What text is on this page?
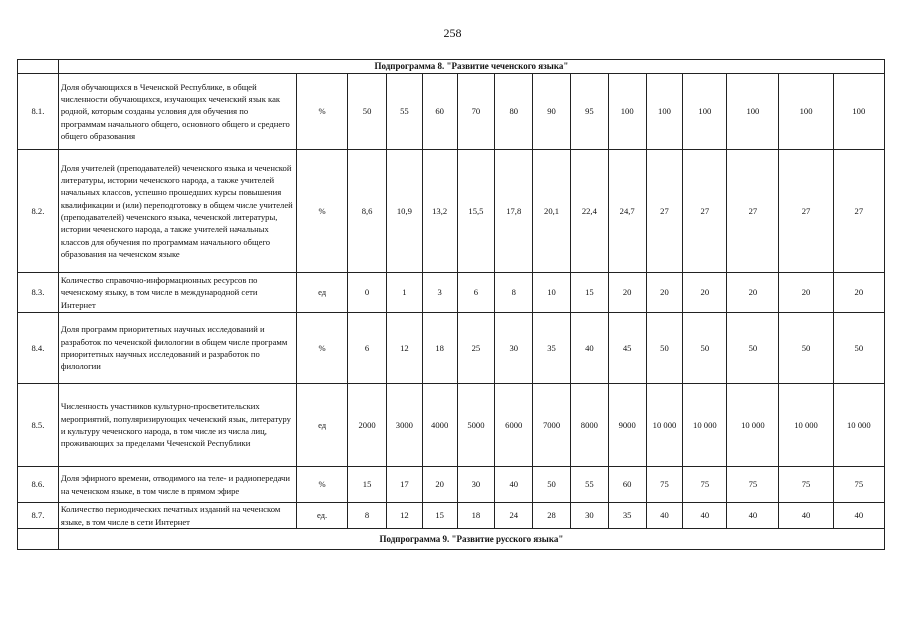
258
	Подпрограмма 8. "Развитие чеченского языка"														
8.1.	Доля обучающихся в Чеченской Республике, в общей численности обучающихся, изучающих чеченский язык как родной, которым созданы условия для обучения по программам начального общего, основного общего и среднего общего образования	%	50	55	60	70	80	90	95	100	100	100	100	100	100
8.2.	Доля учителей (преподавателей) чеченского языка и чеченской литературы, истории чеченского народа, а также учителей начальных классов, успешно прошедших курсы повышения квалификации и (или) переподготовку в общем числе учителей (преподавателей) чеченского языка, чеченской литературы, истории чеченского народа, а также учителей начальных классов для обучения по программам начального общего образования на чеченском языке	%	8,6	10,9	13,2	15,5	17,8	20,1	22,4	24,7	27	27	27	27	27
8.3.	Количество справочно-информационных ресурсов по чеченскому языку, в том числе в международной сети Интернет	ед	0	1	3	6	8	10	15	20	20	20	20	20	20
8.4.	Доля программ приоритетных научных исследований и разработок по чеченской филологии в общем числе программ приоритетных научных исследований и разработок по филологии	%	6	12	18	25	30	35	40	45	50	50	50	50	50
8.5.	Численность участников культурно-просветительских мероприятий, популяризирующих чеченский язык, литературу и культуру чеченского народа, в том числе из числа лиц, проживающих за пределами Чеченской Республики	ед	2000	3000	4000	5000	6000	7000	8000	9000	10 000	10 000	10 000	10 000	10 000
8.6.	Доля эфирного времени, отводимого на теле- и радиопередачи на чеченском языке, в том числе в прямом эфире	%	15	17	20	30	40	50	55	60	75	75	75	75	75
8.7.	Количество периодических печатных изданий на чеченском языке, в том числе в сети Интернет	ед.	8	12	15	18	24	28	30	35	40	40	40	40	40
	Подпрограмма 9. "Развитие русского языка"														
